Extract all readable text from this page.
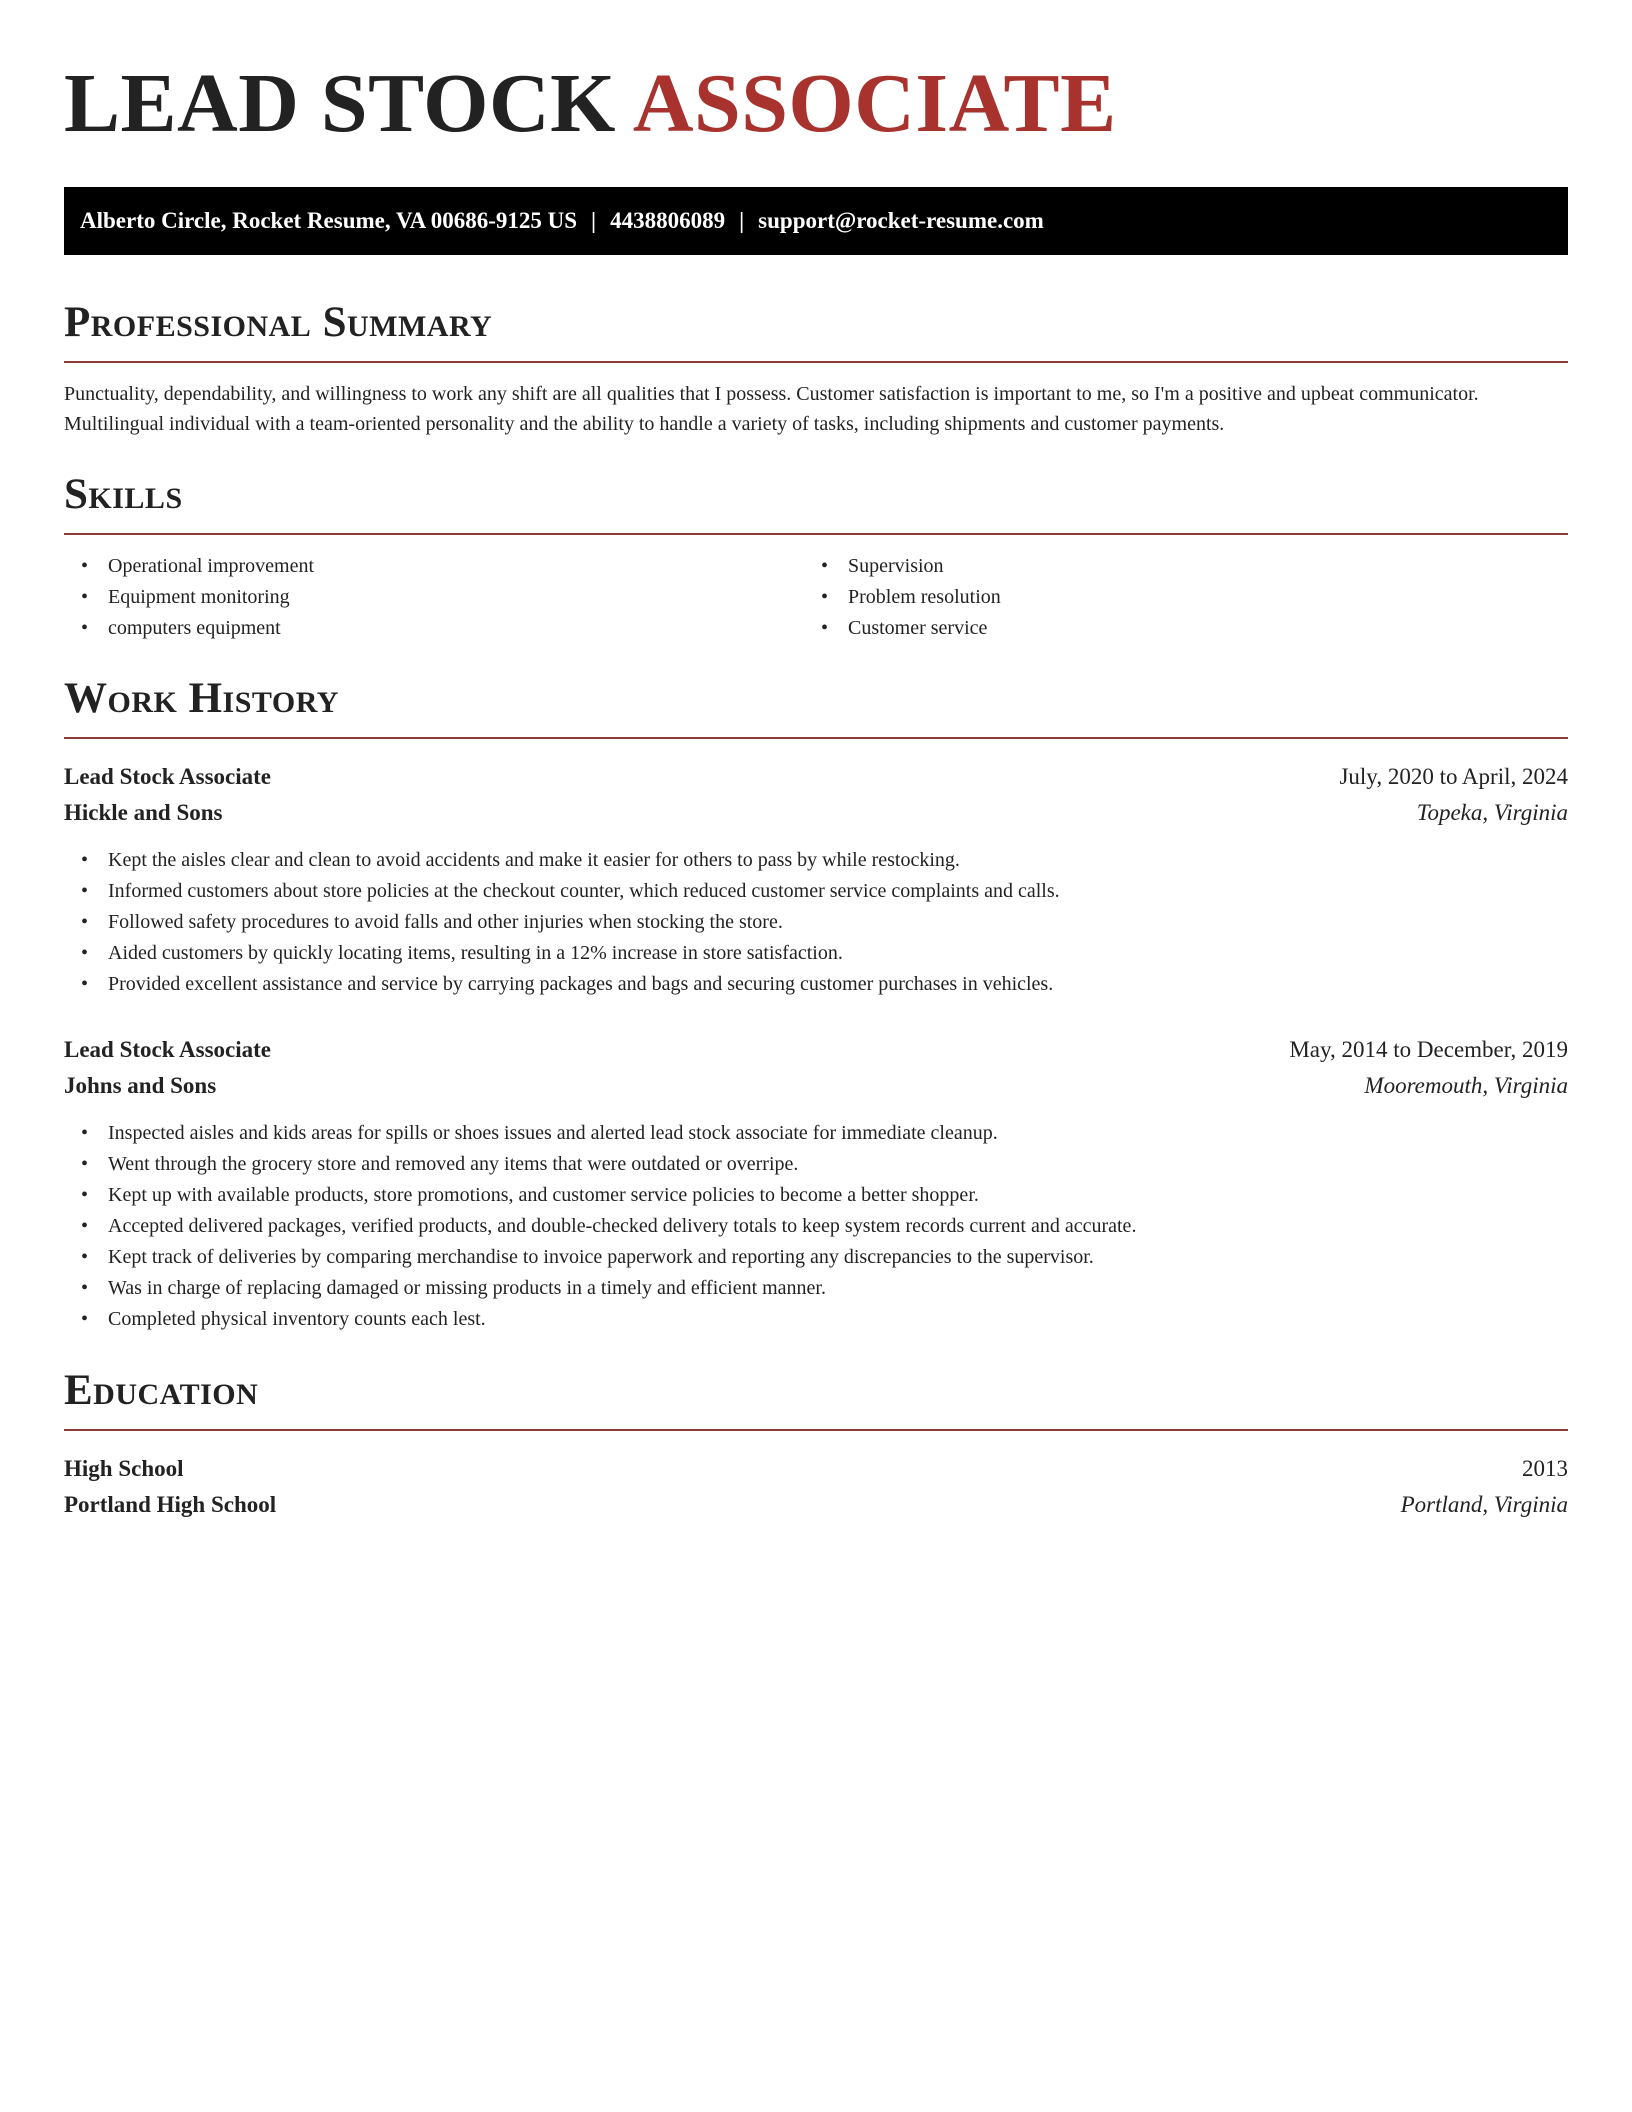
LEAD STOCK ASSOCIATE
Alberto Circle, Rocket Resume, VA 00686-9125 US | 4438806089 | support@rocket-resume.com
Professional Summary

Punctuality, dependability, and willingness to work any shift are all qualities that I possess. Customer satisfaction is important to me, so I'm a positive and upbeat communicator. Multilingual individual with a team-oriented personality and the ability to handle a variety of tasks, including shipments and customer payments.

Skills
• Operational improvement
• Equipment monitoring
• computers equipment
• Supervision
• Problem resolution
• Customer service
Work History
Lead Stock Associate	July, 2020 to April, 2024
Hickle and Sons	Topeka, Virginia
• Kept the aisles clear and clean to avoid accidents and make it easier for others to pass by while restocking.
• Informed customers about store policies at the checkout counter, which reduced customer service complaints and calls.
• Followed safety procedures to avoid falls and other injuries when stocking the store.
• Aided customers by quickly locating items, resulting in a 12% increase in store satisfaction.
• Provided excellent assistance and service by carrying packages and bags and securing customer purchases in vehicles.
Lead Stock Associate	May, 2014 to December, 2019
Johns and Sons	Mooremouth, Virginia
• Inspected aisles and kids areas for spills or shoes issues and alerted lead stock associate for immediate cleanup.
• Went through the grocery store and removed any items that were outdated or overripe.
• Kept up with available products, store promotions, and customer service policies to become a better shopper.
• Accepted delivered packages, verified products, and double-checked delivery totals to keep system records current and accurate.
• Kept track of deliveries by comparing merchandise to invoice paperwork and reporting any discrepancies to the supervisor.
• Was in charge of replacing damaged or missing products in a timely and efficient manner.
• Completed physical inventory counts each lest.
Education
High School	2013
Portland High School	Portland, Virginia
